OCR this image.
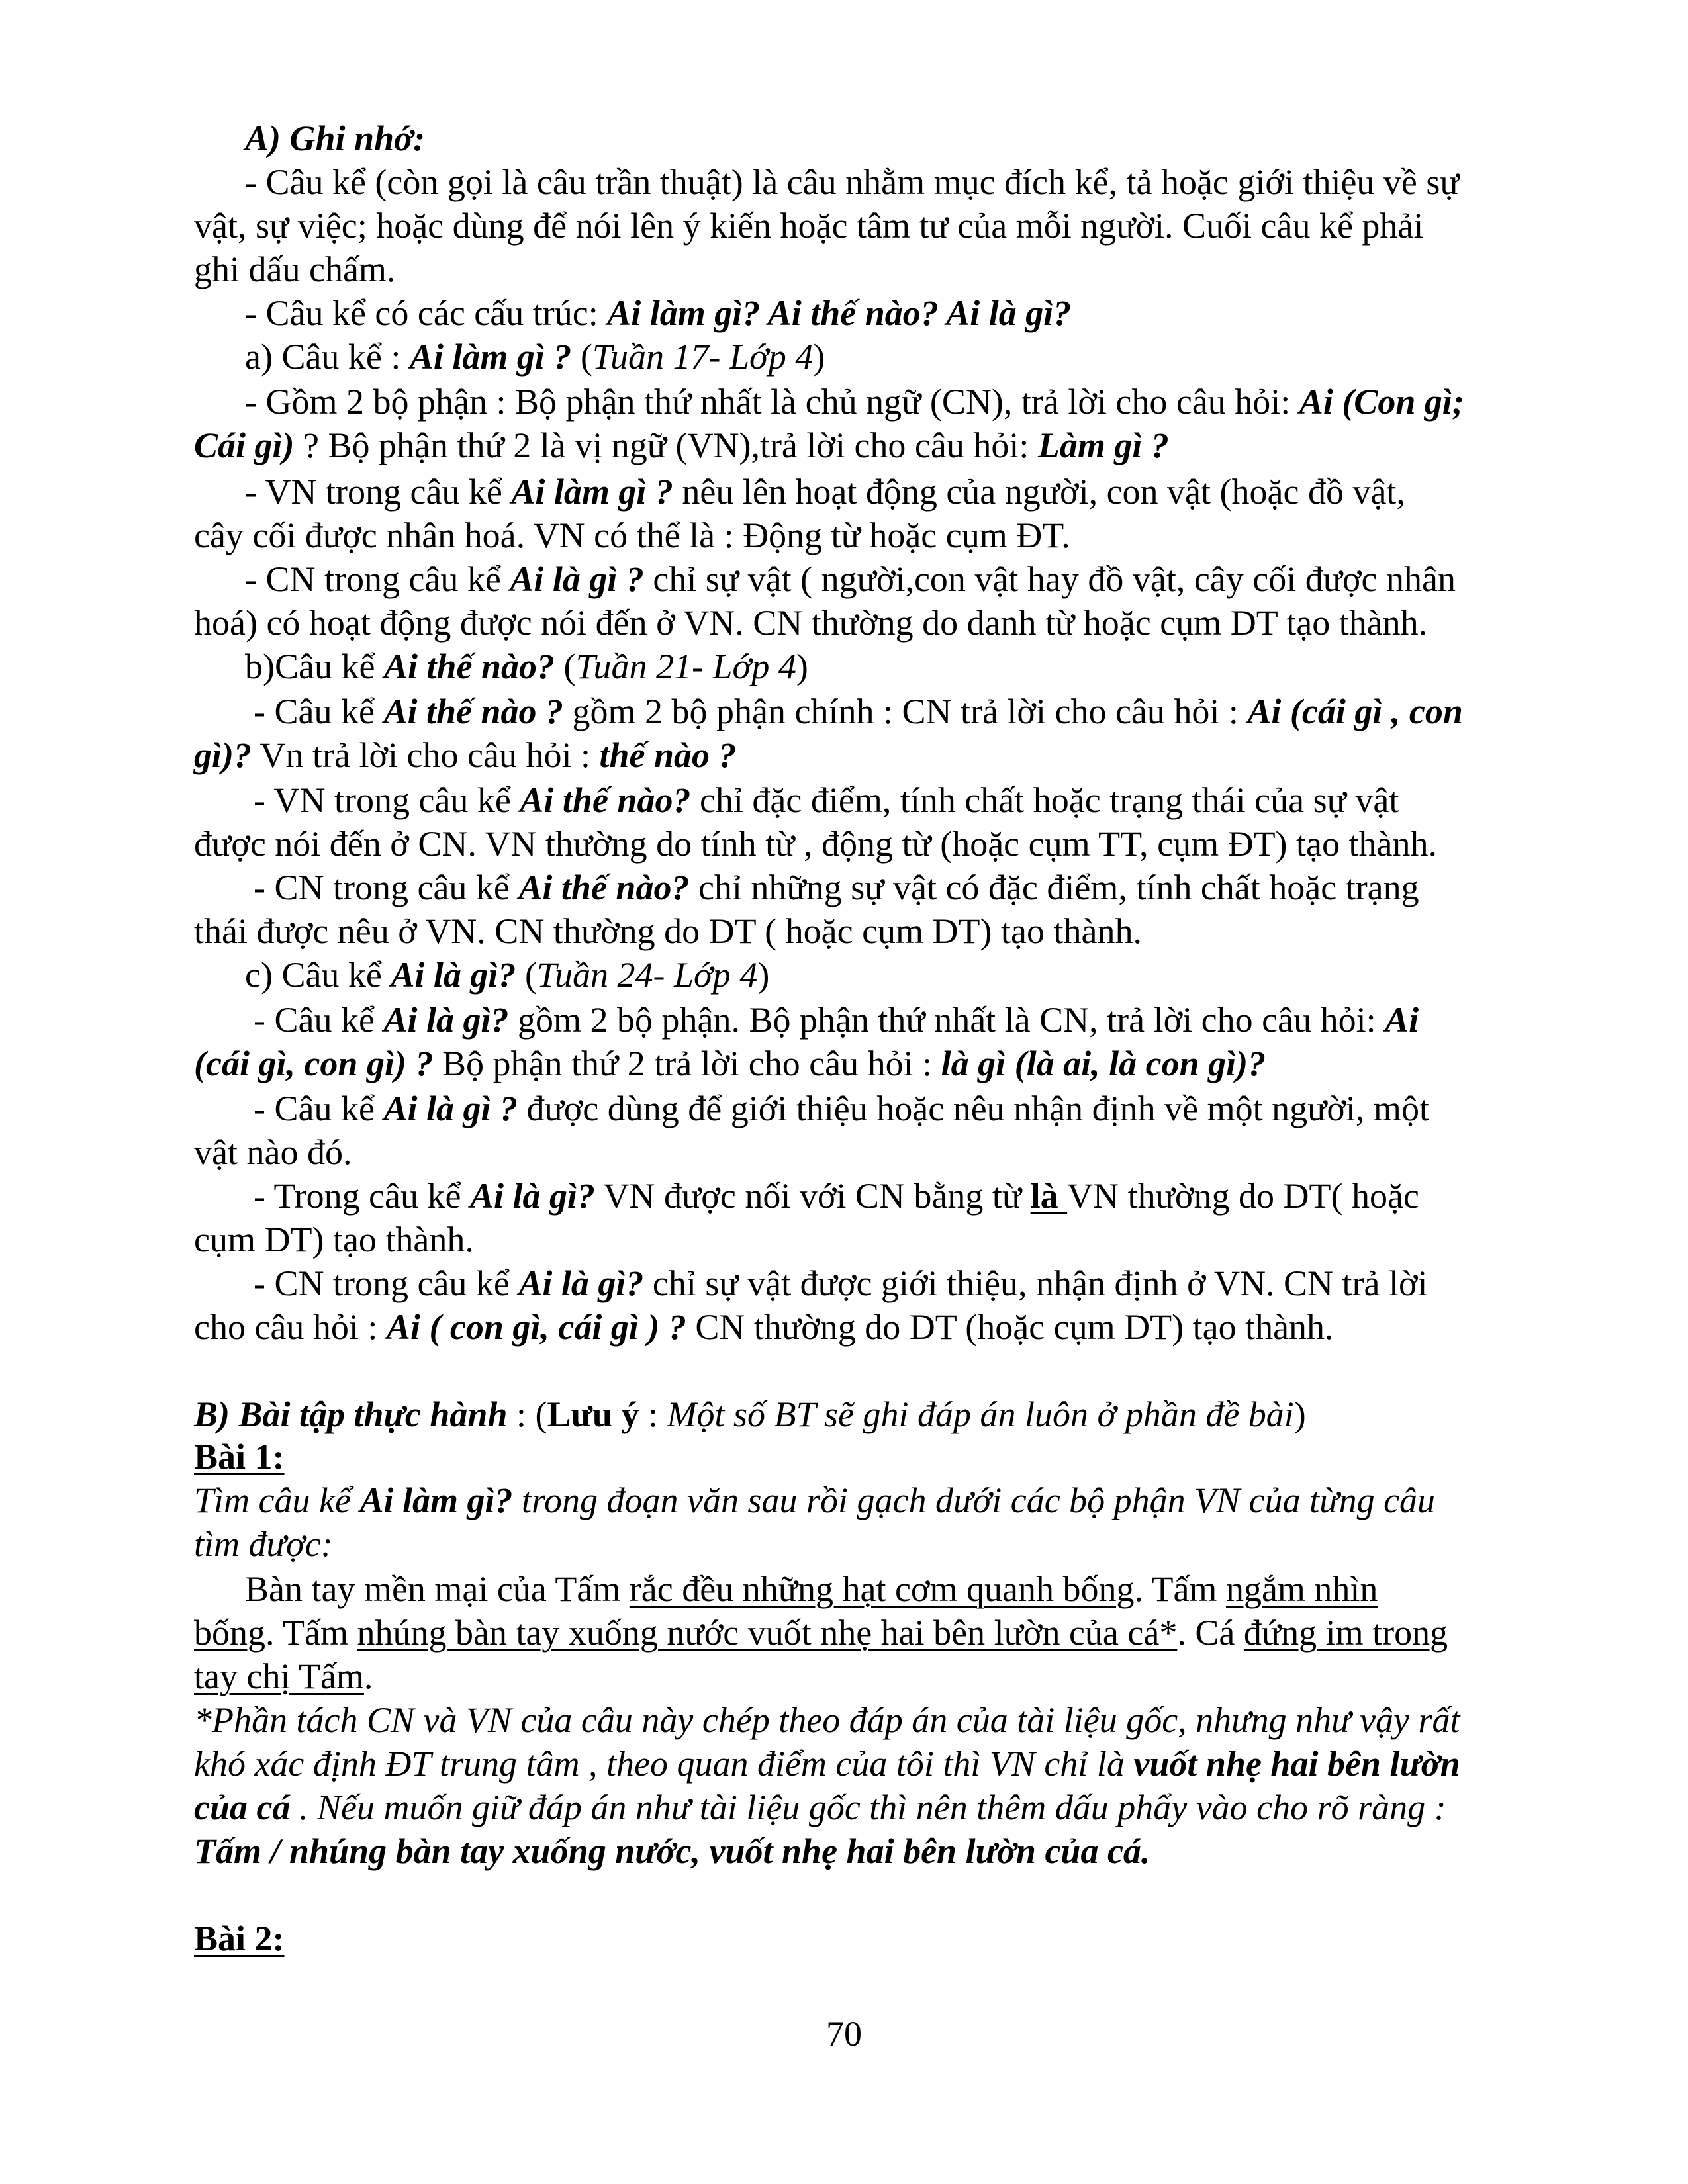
A) Ghi nhớ:
- Câu kể (còn gọi là câu trần thuật) là câu nhằm mục đích kể, tả hoặc giới thiệu về sự
vật, sự việc; hoặc dùng để nói lên ý kiến hoặc tâm tư của mỗi người. Cuối câu kể phải
ghi dấu chấm.
- Câu kể có các cấu trúc: Ai làm gì? Ai thế nào? Ai là gì?
a) Câu kể : Ai làm gì ? (Tuần 17- Lớp 4)
- Gồm 2 bộ phận : Bộ phận thứ nhất là chủ ngữ (CN), trả lời cho câu hỏi: Ai (Con gì;
Cái gì) ? Bộ phận thứ 2 là vị ngữ (VN),trả lời cho câu hỏi: Làm gì ?
- VN trong câu kể Ai làm gì ? nêu lên hoạt động của người, con vật (hoặc đồ vật,
cây cối được nhân hoá. VN có thể là : Động từ hoặc cụm ĐT.
- CN trong câu kể Ai là gì ? chỉ sự vật ( người,con vật hay đồ vật, cây cối được nhân
hoá) có hoạt động được nói đến ở VN. CN thường do danh từ hoặc cụm DT tạo thành.
b)Câu kể Ai thế nào? (Tuần 21- Lớp 4)
- Câu kể Ai thế nào ? gồm 2 bộ phận chính : CN trả lời cho câu hỏi : Ai (cái gì , con
gì)? Vn trả lời cho câu hỏi : thế nào ?
- VN trong câu kể Ai thế nào? chỉ đặc điểm, tính chất hoặc trạng thái của sự vật
được nói đến ở CN. VN thường do tính từ , động từ (hoặc cụm TT, cụm ĐT) tạo thành.
- CN trong câu kể Ai thế nào? chỉ những sự vật có đặc điểm, tính chất hoặc trạng
thái được nêu ở VN. CN thường do DT ( hoặc cụm DT) tạo thành.
c) Câu kể Ai là gì? (Tuần 24- Lớp 4)
- Câu kể Ai là gì? gồm 2 bộ phận. Bộ phận thứ nhất là CN, trả lời cho câu hỏi: Ai
(cái gì, con gì) ? Bộ phận thứ 2 trả lời cho câu hỏi : là gì (là ai, là con gì)?
- Câu kể Ai là gì ? được dùng để giới thiệu hoặc nêu nhận định về một người, một
vật nào đó.
- Trong câu kể Ai là gì? VN được nối với CN bằng từ là VN thường do DT( hoặc
cụm DT) tạo thành.
- CN trong câu kể Ai là gì? chỉ sự vật được giới thiệu, nhận định ở VN. CN trả lời
cho câu hỏi : Ai ( con gì, cái gì ) ? CN thường do DT (hoặc cụm DT) tạo thành.
B) Bài tập thực hành : (Lưu ý : Một số BT sẽ ghi đáp án luôn ở phần đề bài)
Bài 1:
Tìm câu kể Ai làm gì? trong đoạn văn sau rồi gạch dưới các bộ phận VN của từng câu
tìm được:
Bàn tay mền mại của Tấm rắc đều những hạt cơm quanh bống. Tấm ngắm nhìn
bống. Tấm nhúng bàn tay xuống nước vuốt nhẹ hai bên lườn của cá*. Cá đứng im trong
tay chị Tấm.
*Phần tách CN và VN của câu này chép theo đáp án của tài liệu gốc, nhưng như vậy rất
khó xác định ĐT trung tâm , theo quan điểm của tôi thì VN chỉ là vuốt nhẹ hai bên lườn
của cá . Nếu muốn giữ đáp án như tài liệu gốc thì nên thêm dấu phẩy vào cho rõ ràng :
Tấm / nhúng bàn tay xuống nước, vuốt nhẹ hai bên lườn của cá.
Bài 2:
70
